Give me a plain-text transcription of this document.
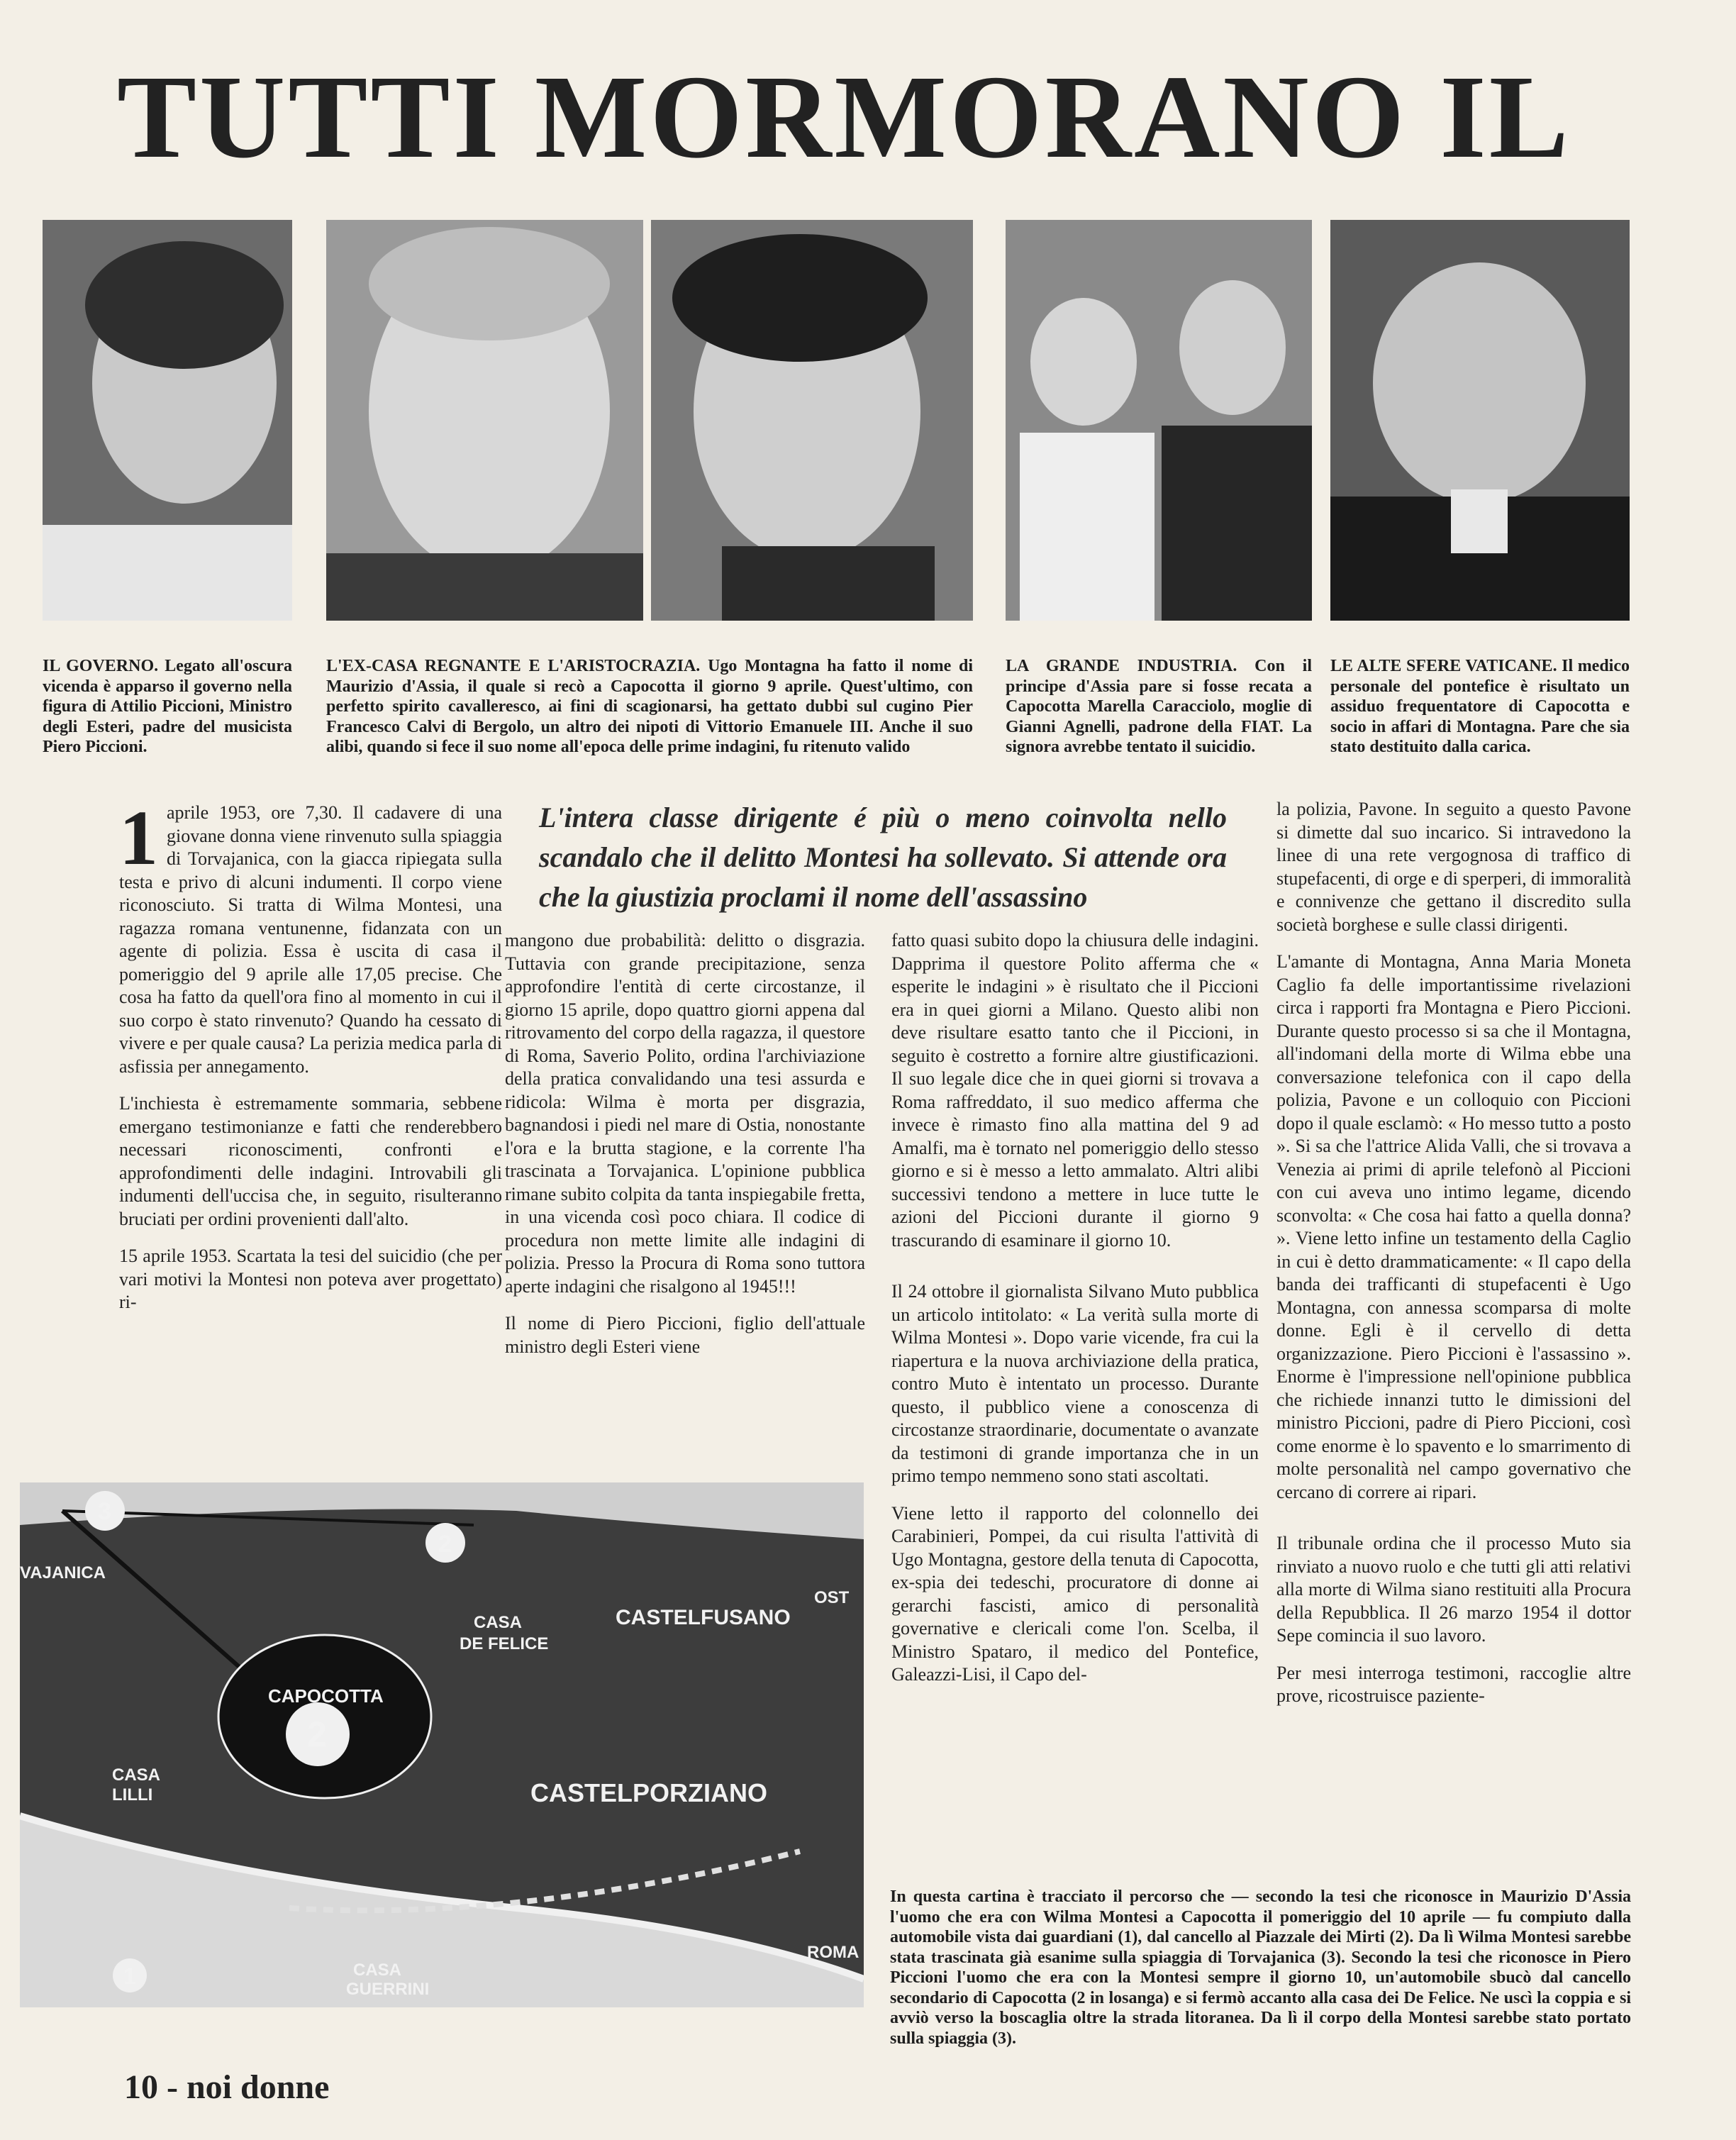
TUTTI MORMORANO IL
IL GOVERNO. Legato all'oscura vicenda è apparso il governo nella figura di Attilio Piccioni, Ministro degli Esteri, padre del musicista Piero Piccioni.
L'EX-CASA REGNANTE E L'ARISTOCRAZIA. Ugo Montagna ha fatto il nome di Maurizio d'Assia, il quale si recò a Capocotta il giorno 9 aprile. Quest'ultimo, con perfetto spirito cavalleresco, ai fini di scagionarsi, ha gettato dubbi sul cugino Pier Francesco Calvi di Bergolo, un altro dei nipoti di Vittorio Emanuele III. Anche il suo alibi, quando si fece il suo nome all'epoca delle prime indagini, fu ritenuto valido
LA GRANDE INDUSTRIA. Con il principe d'Assia pare si fosse recata a Capocotta Marella Caracciolo, moglie di Gianni Agnelli, padrone della FIAT. La signora avrebbe tentato il suicidio.
LE ALTE SFERE VATICANE. Il medico personale del pontefice è risultato un assiduo frequentatore di Capocotta e socio in affari di Montagna. Pare che sia stato destituito dalla carica.
L'intera classe dirigente é più o meno coinvolta nello scandalo che il delitto Montesi ha sollevato. Si attende ora che la giustizia proclami il nome dell'assassino

1 aprile 1953, ore 7,30. Il cadavere di una giovane donna viene rinvenuto sulla spiaggia di Torvajanica, con la giacca ripiegata sulla testa e privo di alcuni indumenti. Il corpo viene riconosciuto. Si tratta di Wilma Montesi, una ragazza romana ventunenne, fidanzata con un agente di polizia. Essa è uscita di casa il pomeriggio del 9 aprile alle 17,05 precise. Che cosa ha fatto da quell'ora fino al momento in cui il suo corpo è stato rinvenuto? Quando ha cessato di vivere e per quale causa? La perizia medica parla di asfissia per annegamento.

L'inchiesta è estremamente sommaria, sebbene emergano testimonianze e fatti che renderebbero necessari riconoscimenti, confronti e approfondimenti delle indagini. Introvabili gli indumenti dell'uccisa che, in seguito, risulteranno bruciati per ordini provenienti dall'alto.

15 aprile 1953. Scartata la tesi del suicidio (che per vari motivi la Montesi non poteva aver progettato) ri-

mangono due probabilità: delitto o disgrazia. Tuttavia con grande precipitazione, senza approfondire l'entità di certe circostanze, il giorno 15 aprile, dopo quattro giorni appena dal ritrovamento del corpo della ragazza, il questore di Roma, Saverio Polito, ordina l'archiviazione della pratica convalidando una tesi assurda e ridicola: Wilma è morta per disgrazia, bagnandosi i piedi nel mare di Ostia, nonostante l'ora e la brutta stagione, e la corrente l'ha trascinata a Torvajanica. L'opinione pubblica rimane subito colpita da tanta inspiegabile fretta, in una vicenda così poco chiara. Il codice di procedura non mette limite alle indagini di polizia. Presso la Procura di Roma sono tuttora aperte indagini che risalgono al 1945!!!

Il nome di Piero Piccioni, figlio dell'attuale ministro degli Esteri viene

fatto quasi subito dopo la chiusura delle indagini. Dapprima il questore Polito afferma che « esperite le indagini » è risultato che il Piccioni era in quei giorni a Milano. Questo alibi non deve risultare esatto tanto che il Piccioni, in seguito è costretto a fornire altre giustificazioni. Il suo legale dice che in quei giorni si trovava a Roma raffreddato, il suo medico afferma che invece è rimasto fino alla mattina del 9 ad Amalfi, ma è tornato nel pomeriggio dello stesso giorno e si è messo a letto ammalato. Altri alibi successivi tendono a mettere in luce tutte le azioni del Piccioni durante il giorno 9 trascurando di esaminare il giorno 10.

Il 24 ottobre il giornalista Silvano Muto pubblica un articolo intitolato: « La verità sulla morte di Wilma Montesi ». Dopo varie vicende, fra cui la riapertura e la nuova archiviazione della pratica, contro Muto è intentato un processo. Durante questo, il pubblico viene a conoscenza di circostanze straordinarie, documentate o avanzate da testimoni di grande importanza che in un primo tempo nemmeno sono stati ascoltati.

Viene letto il rapporto del colonnello dei Carabinieri, Pompei, da cui risulta l'attività di Ugo Montagna, gestore della tenuta di Capocotta, ex-spia dei tedeschi, procuratore di donne ai gerarchi fascisti, amico di personalità governative e clericali come l'on. Scelba, il Ministro Spataro, il medico del Pontefice, Galeazzi-Lisi, il Capo del-

la polizia, Pavone. In seguito a questo Pavone si dimette dal suo incarico. Si intravedono la linee di una rete vergognosa di traffico di stupefacenti, di orge e di sperperi, di immoralità e connivenze che gettano il discredito sulla società borghese e sulle classi dirigenti.

L'amante di Montagna, Anna Maria Moneta Caglio fa delle importantissime rivelazioni circa i rapporti fra Montagna e Piero Piccioni. Durante questo processo si sa che il Montagna, all'indomani della morte di Wilma ebbe una conversazione telefonica con il capo della polizia, Pavone e un colloquio con Piccioni dopo il quale esclamò: « Ho messo tutto a posto ». Si sa che l'attrice Alida Valli, che si trovava a Venezia ai primi di aprile telefonò al Piccioni con cui aveva uno intimo legame, dicendo sconvolta: « Che cosa hai fatto a quella donna? ». Viene letto infine un testamento della Caglio in cui è detto drammaticamente: « Il capo della banda dei trafficanti di stupefacenti è Ugo Montagna, con annessa scomparsa di molte donne. Egli è il cervello di detta organizzazione. Piero Piccioni è l'assassino ». Enorme è l'impressione nell'opinione pubblica che richiede innanzi tutto le dimissioni del ministro Piccioni, padre di Piero Piccioni, così come enorme è lo spavento e lo smarrimento di molte personalità nel campo governativo che cercano di correre ai ripari.

Il tribunale ordina che il processo Muto sia rinviato a nuovo ruolo e che tutti gli atti relativi alla morte di Wilma siano restituiti alla Procura della Repubblica. Il 26 marzo 1954 il dottor Sepe comincia il suo lavoro.

Per mesi interroga testimoni, raccoglie altre prove, ricostruisce paziente-

3
2
2
1
CAPOCOTTA
CASTELFUSANO
CASTELPORZIANO
CASA
DE FELICE
CASA
LILLI
CASA
GUERRINI
VAJANICA
OST
ROMA
In questa cartina è tracciato il percorso che — secondo la tesi che riconosce in Maurizio D'Assia l'uomo che era con Wilma Montesi a Capocotta il pomeriggio del 10 aprile — fu compiuto dalla automobile vista dai guardiani (1), dal cancello al Piazzale dei Mirti (2). Da lì Wilma Montesi sarebbe stata trascinata già esanime sulla spiaggia di Torvajanica (3). Secondo la tesi che riconosce in Piero Piccioni l'uomo che era con la Montesi sempre il giorno 10, un'automobile sbucò dal cancello secondario di Capocotta (2 in losanga) e si fermò accanto alla casa dei De Felice. Ne uscì la coppia e si avviò verso la boscaglia oltre la strada litoranea. Da lì il corpo della Montesi sarebbe stato portato sulla spiaggia (3).
10 - noi donne
